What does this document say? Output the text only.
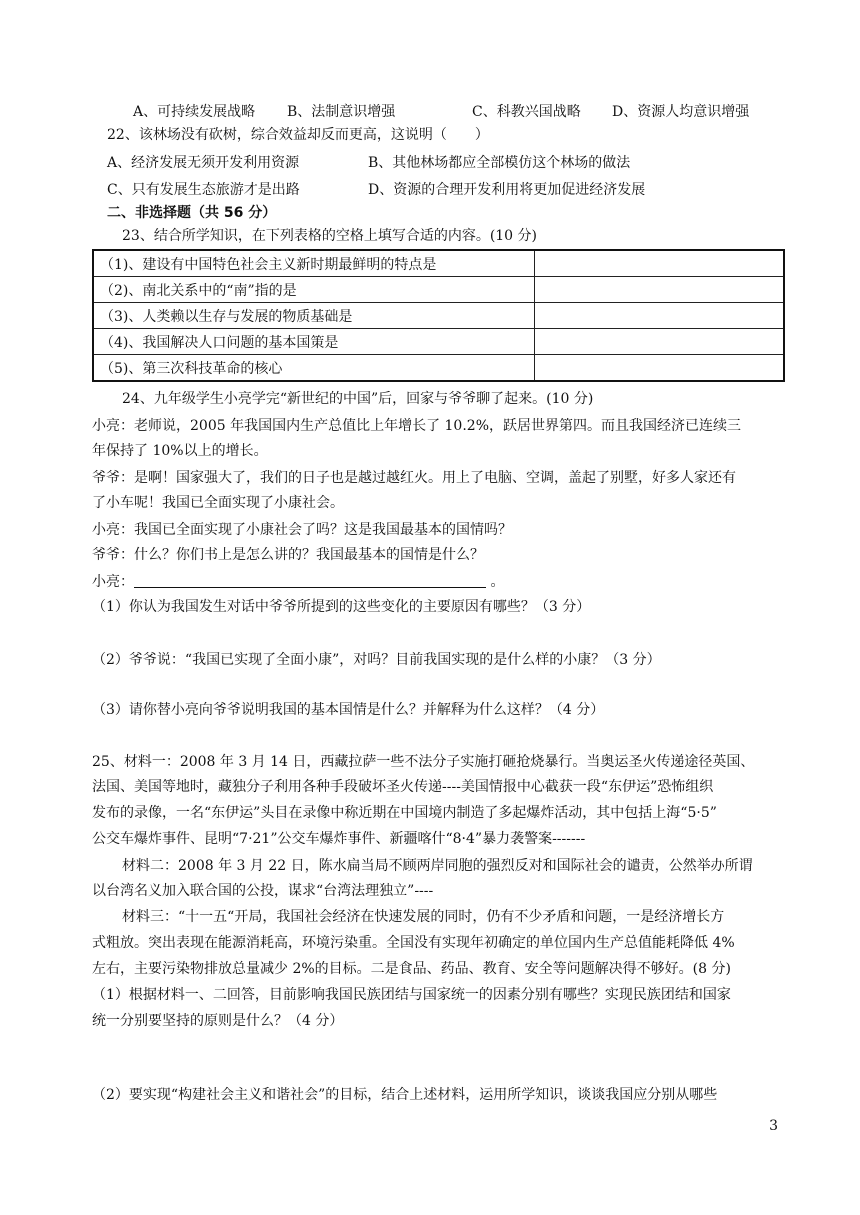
A、可持续发展战略 B、法制意识增强	C、科教兴国战略 D、资源人均意识增强
22、该林场没有砍树，综合效益却反而更高，这说明（　　）
A、经济发展无须开发利用资源	B、其他林场都应全部模仿这个林场的做法
C、只有发展生态旅游才是出路	D、资源的合理开发利用将更加促进经济发展
二、非选择题（共 56 分）
23、结合所学知识，在下列表格的空格上填写合适的内容。(10 分)
（1)、建设有中国特色社会主义新时期最鲜明的特点是	
（2)、南北关系中的“南”指的是	
（3)、人类赖以生存与发展的物质基础是	
（4)、我国解决人口问题的基本国策是	
（5)、第三次科技革命的核心	
24、九年级学生小亮学完“新世纪的中国”后，回家与爷爷聊了起来。(10 分)
小亮：老师说，2005 年我国国内生产总值比上年增长了 10.2%，跃居世界第四。而且我国经济已连续三
年保持了 10%以上的增长。
爷爷：是啊！国家强大了，我们的日子也是越过越红火。用上了电脑、空调，盖起了别墅，好多人家还有
了小车呢！我国已全面实现了小康社会。
小亮：我国已全面实现了小康社会了吗？这是我国最基本的国情吗？
爷爷：什么？你们书上是怎么讲的？我国最基本的国情是什么？
小亮：	。
（1）你认为我国发生对话中爷爷所提到的这些变化的主要原因有哪些？（3 分）
（2）爷爷说：“我国已实现了全面小康”，对吗？目前我国实现的是什么样的小康？（3 分）
（3）请你替小亮向爷爷说明我国的基本国情是什么？并解释为什么这样？（4 分）
25、材料一：2008 年 3 月 14 日，西藏拉萨一些不法分子实施打砸抢烧暴行。当奥运圣火传递途径英国、
法国、美国等地时，藏独分子利用各种手段破坏圣火传递----美国情报中心截获一段“东伊运”恐怖组织
发布的录像，一名“东伊运”头目在录像中称近期在中国境内制造了多起爆炸活动，其中包括上海“5·5”
公交车爆炸事件、昆明“7·21”公交车爆炸事件、新疆喀什“8·4”暴力袭警案-------
材料二：2008 年 3 月 22 日，陈水扁当局不顾两岸同胞的强烈反对和国际社会的谴责，公然举办所谓
以台湾名义加入联合国的公投，谋求“台湾法理独立”----
材料三：“十一五“开局，我国社会经济在快速发展的同时，仍有不少矛盾和问题，一是经济增长方
式粗放。突出表现在能源消耗高，环境污染重。全国没有实现年初确定的单位国内生产总值能耗降低 4%
左右，主要污染物排放总量减少 2%的目标。二是食品、药品、教育、安全等问题解决得不够好。(8 分)
（1）根据材料一、二回答，目前影响我国民族团结与国家统一的因素分别有哪些？实现民族团结和国家
统一分别要坚持的原则是什么？（4 分）
（2）要实现“构建社会主义和谐社会”的目标，结合上述材料，运用所学知识，谈谈我国应分别从哪些
3
